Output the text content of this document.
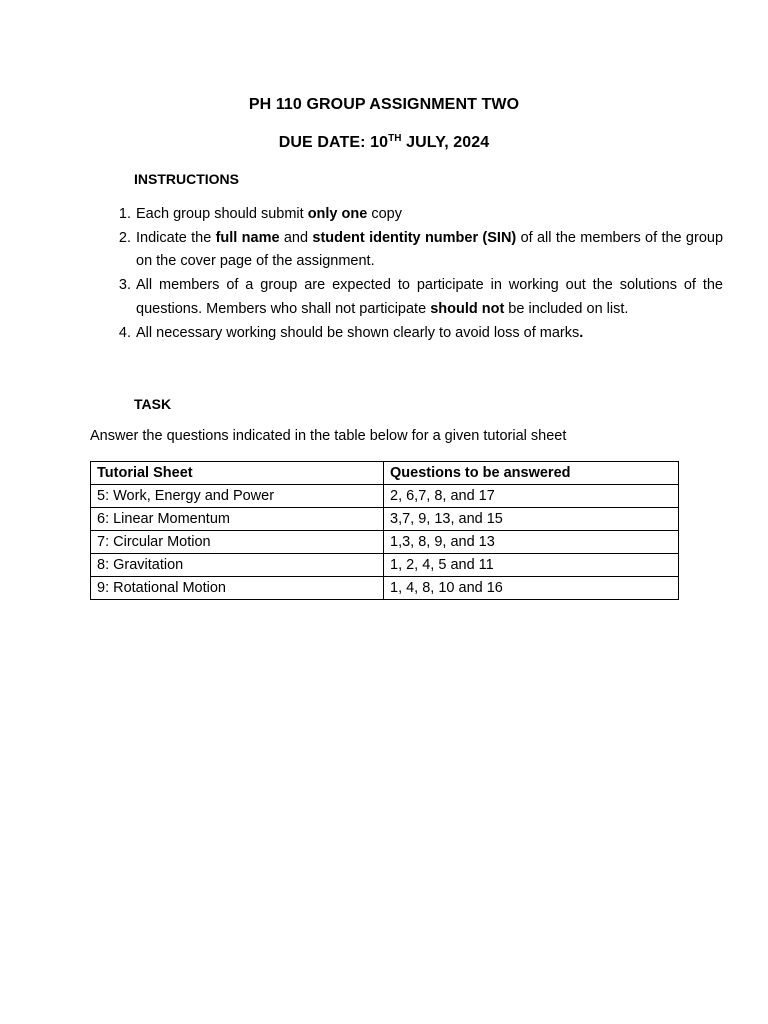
PH 110 GROUP ASSIGNMENT TWO
DUE DATE: 10TH JULY, 2024
INSTRUCTIONS
1. Each group should submit only one copy
2. Indicate the full name and student identity number (SIN) of all the members of the group on the cover page of the assignment.
3. All members of a group are expected to participate in working out the solutions of the questions. Members who shall not participate should not be included on list.
4. All necessary working should be shown clearly to avoid loss of marks.
TASK
Answer the questions indicated in the table below for a given tutorial sheet
Tutorial Sheet	Questions to be answered
5: Work, Energy and Power	2, 6,7, 8, and 17
6: Linear Momentum	3,7, 9, 13, and 15
7: Circular Motion	1,3, 8, 9, and 13
8: Gravitation	1, 2, 4, 5 and 11
9: Rotational Motion	1, 4, 8, 10 and 16
